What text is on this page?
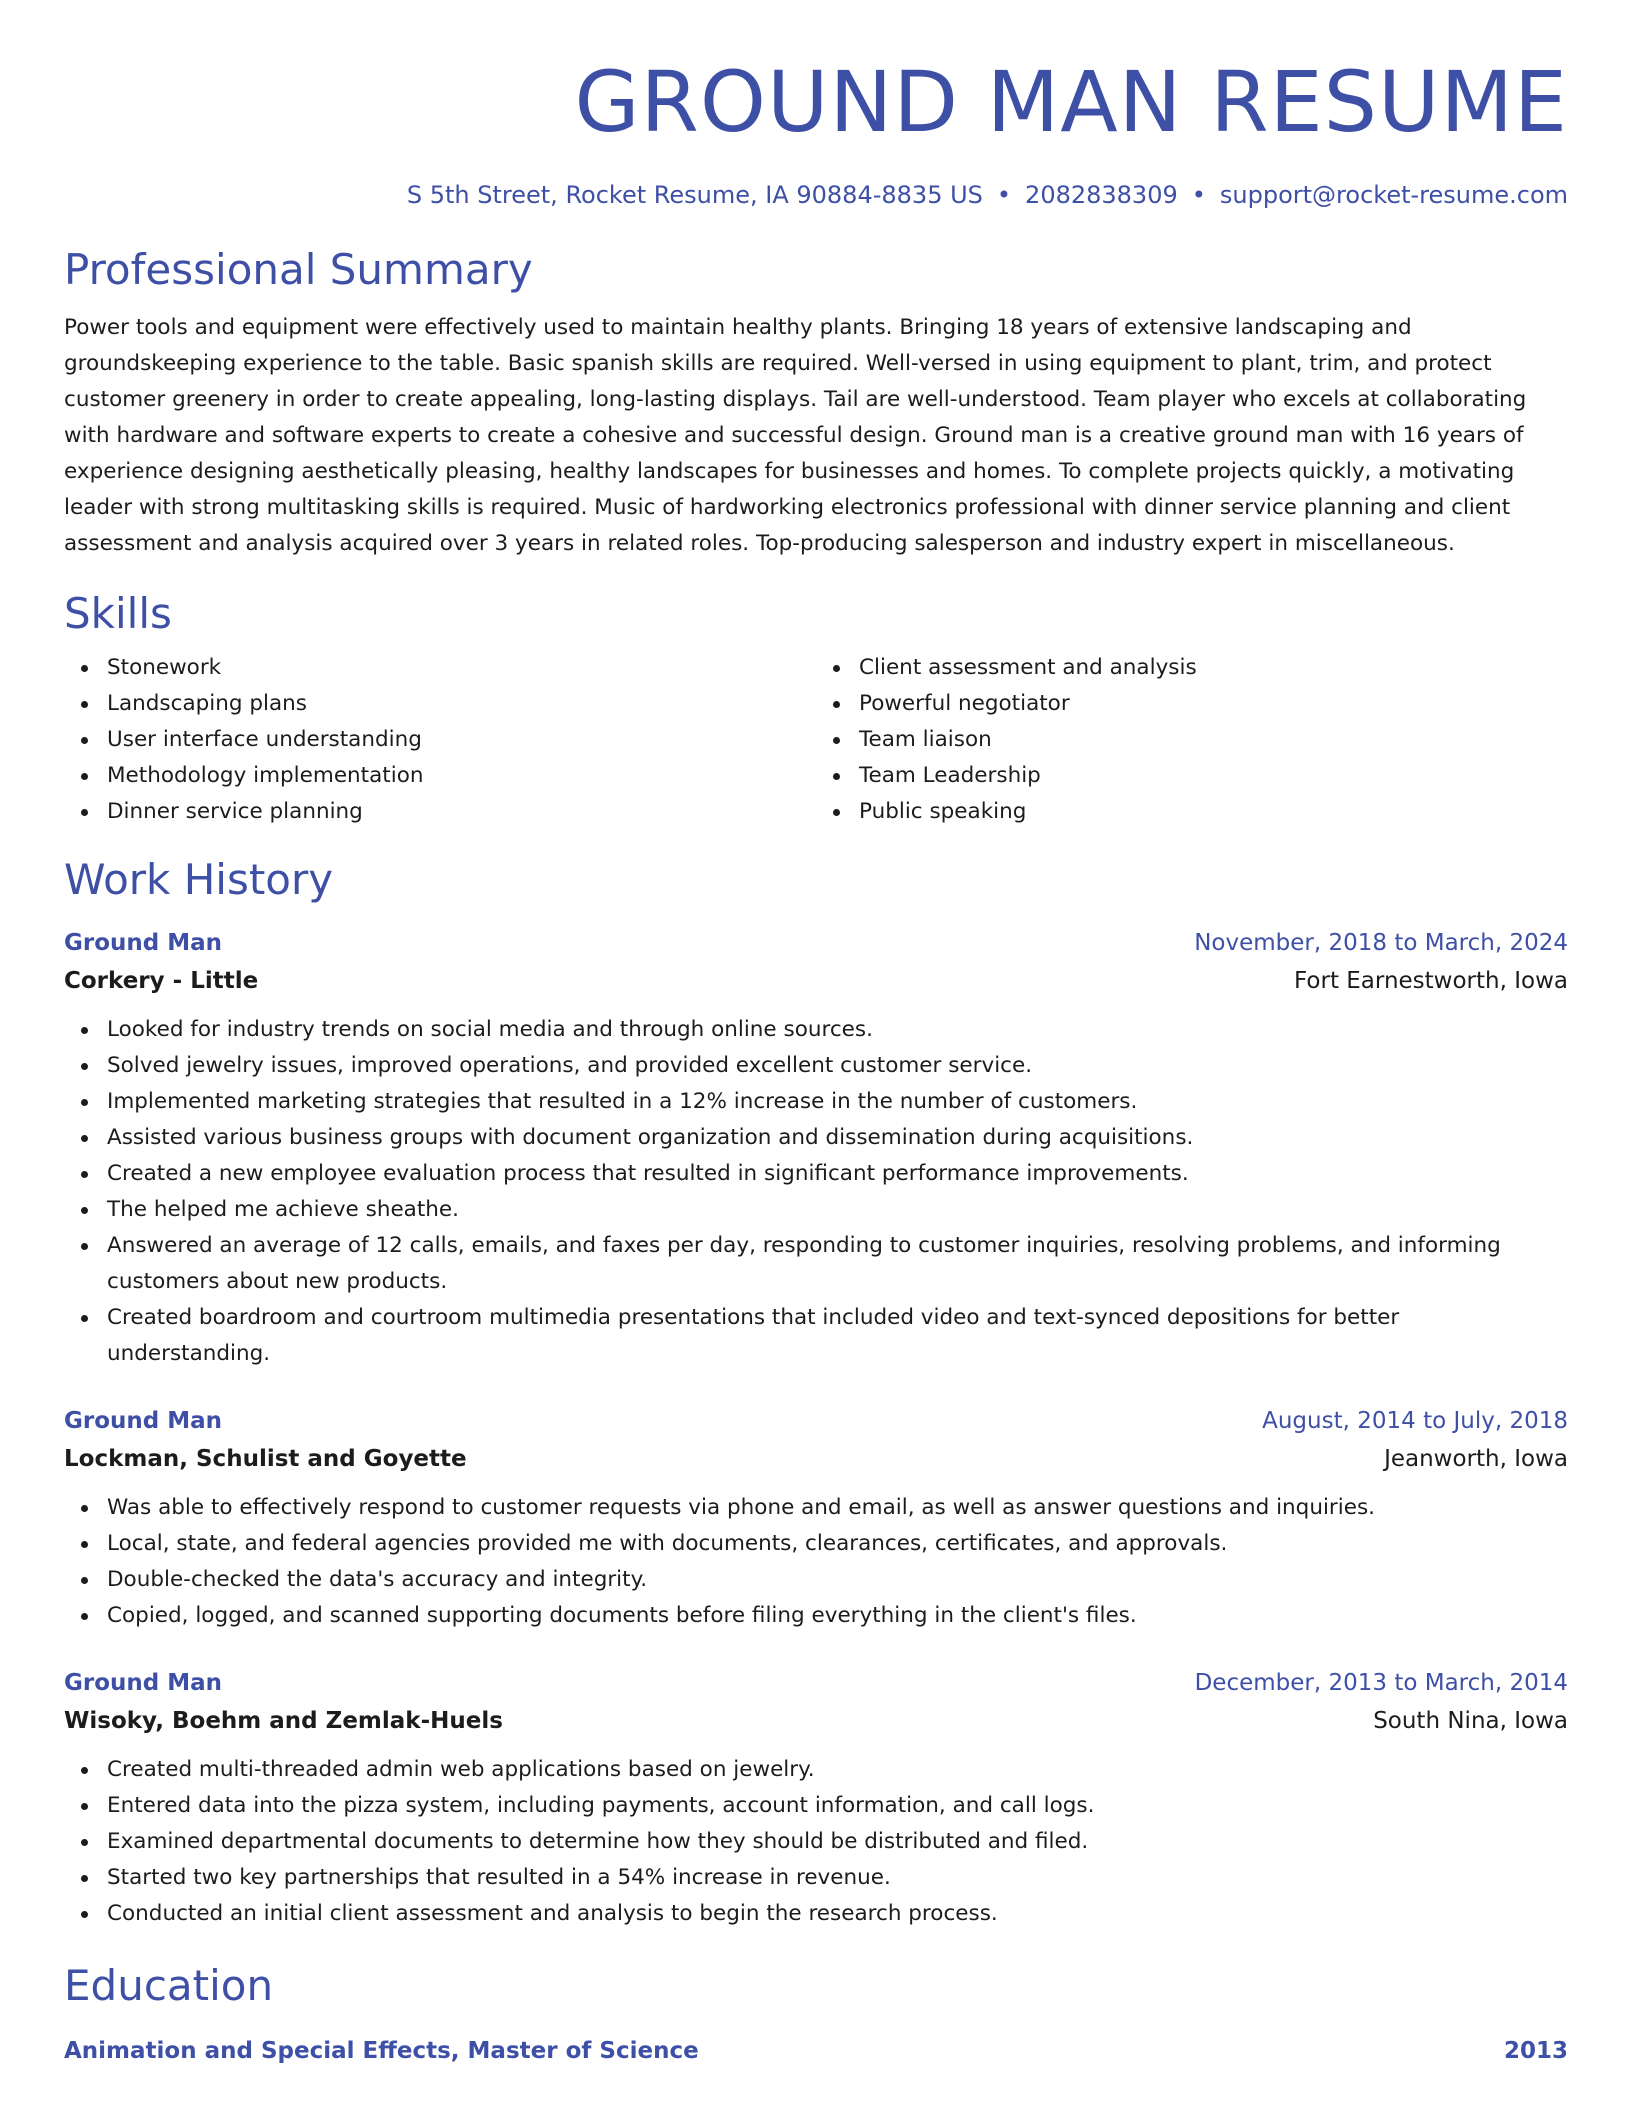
GROUND MAN RESUME
S 5th Street, Rocket Resume, IA 90884-8835 US • 2082838309 • support@rocket-resume.com
Professional Summary
Power tools and equipment were effectively used to maintain healthy plants. Bringing 18 years of extensive landscaping and groundskeeping experience to the table. Basic spanish skills are required. Well-versed in using equipment to plant, trim, and protect customer greenery in order to create appealing, long-lasting displays. Tail are well-understood. Team player who excels at collaborating with hardware and software experts to create a cohesive and successful design. Ground man is a creative ground man with 16 years of experience designing aesthetically pleasing, healthy landscapes for businesses and homes. To complete projects quickly, a motivating leader with strong multitasking skills is required. Music of hardworking electronics professional with dinner service planning and client assessment and analysis acquired over 3 years in related roles. Top-producing salesperson and industry expert in miscellaneous.
Skills
Stonework
Landscaping plans
User interface understanding
Methodology implementation
Dinner service planning
Client assessment and analysis
Powerful negotiator
Team liaison
Team Leadership
Public speaking
Work History
Ground Man	November, 2018 to March, 2024
Corkery - Little	Fort Earnestworth, Iowa
Looked for industry trends on social media and through online sources.
Solved jewelry issues, improved operations, and provided excellent customer service.
Implemented marketing strategies that resulted in a 12% increase in the number of customers.
Assisted various business groups with document organization and dissemination during acquisitions.
Created a new employee evaluation process that resulted in significant performance improvements.
The helped me achieve sheathe.
Answered an average of 12 calls, emails, and faxes per day, responding to customer inquiries, resolving problems, and informing customers about new products.
Created boardroom and courtroom multimedia presentations that included video and text-synced depositions for better understanding.
Ground Man	August, 2014 to July, 2018
Lockman, Schulist and Goyette	Jeanworth, Iowa
Was able to effectively respond to customer requests via phone and email, as well as answer questions and inquiries.
Local, state, and federal agencies provided me with documents, clearances, certificates, and approvals.
Double-checked the data's accuracy and integrity.
Copied, logged, and scanned supporting documents before filing everything in the client's files.
Ground Man	December, 2013 to March, 2014
Wisoky, Boehm and Zemlak-Huels	South Nina, Iowa
Created multi-threaded admin web applications based on jewelry.
Entered data into the pizza system, including payments, account information, and call logs.
Examined departmental documents to determine how they should be distributed and filed.
Started two key partnerships that resulted in a 54% increase in revenue.
Conducted an initial client assessment and analysis to begin the research process.
Education
Animation and Special Effects, Master of Science	2013
